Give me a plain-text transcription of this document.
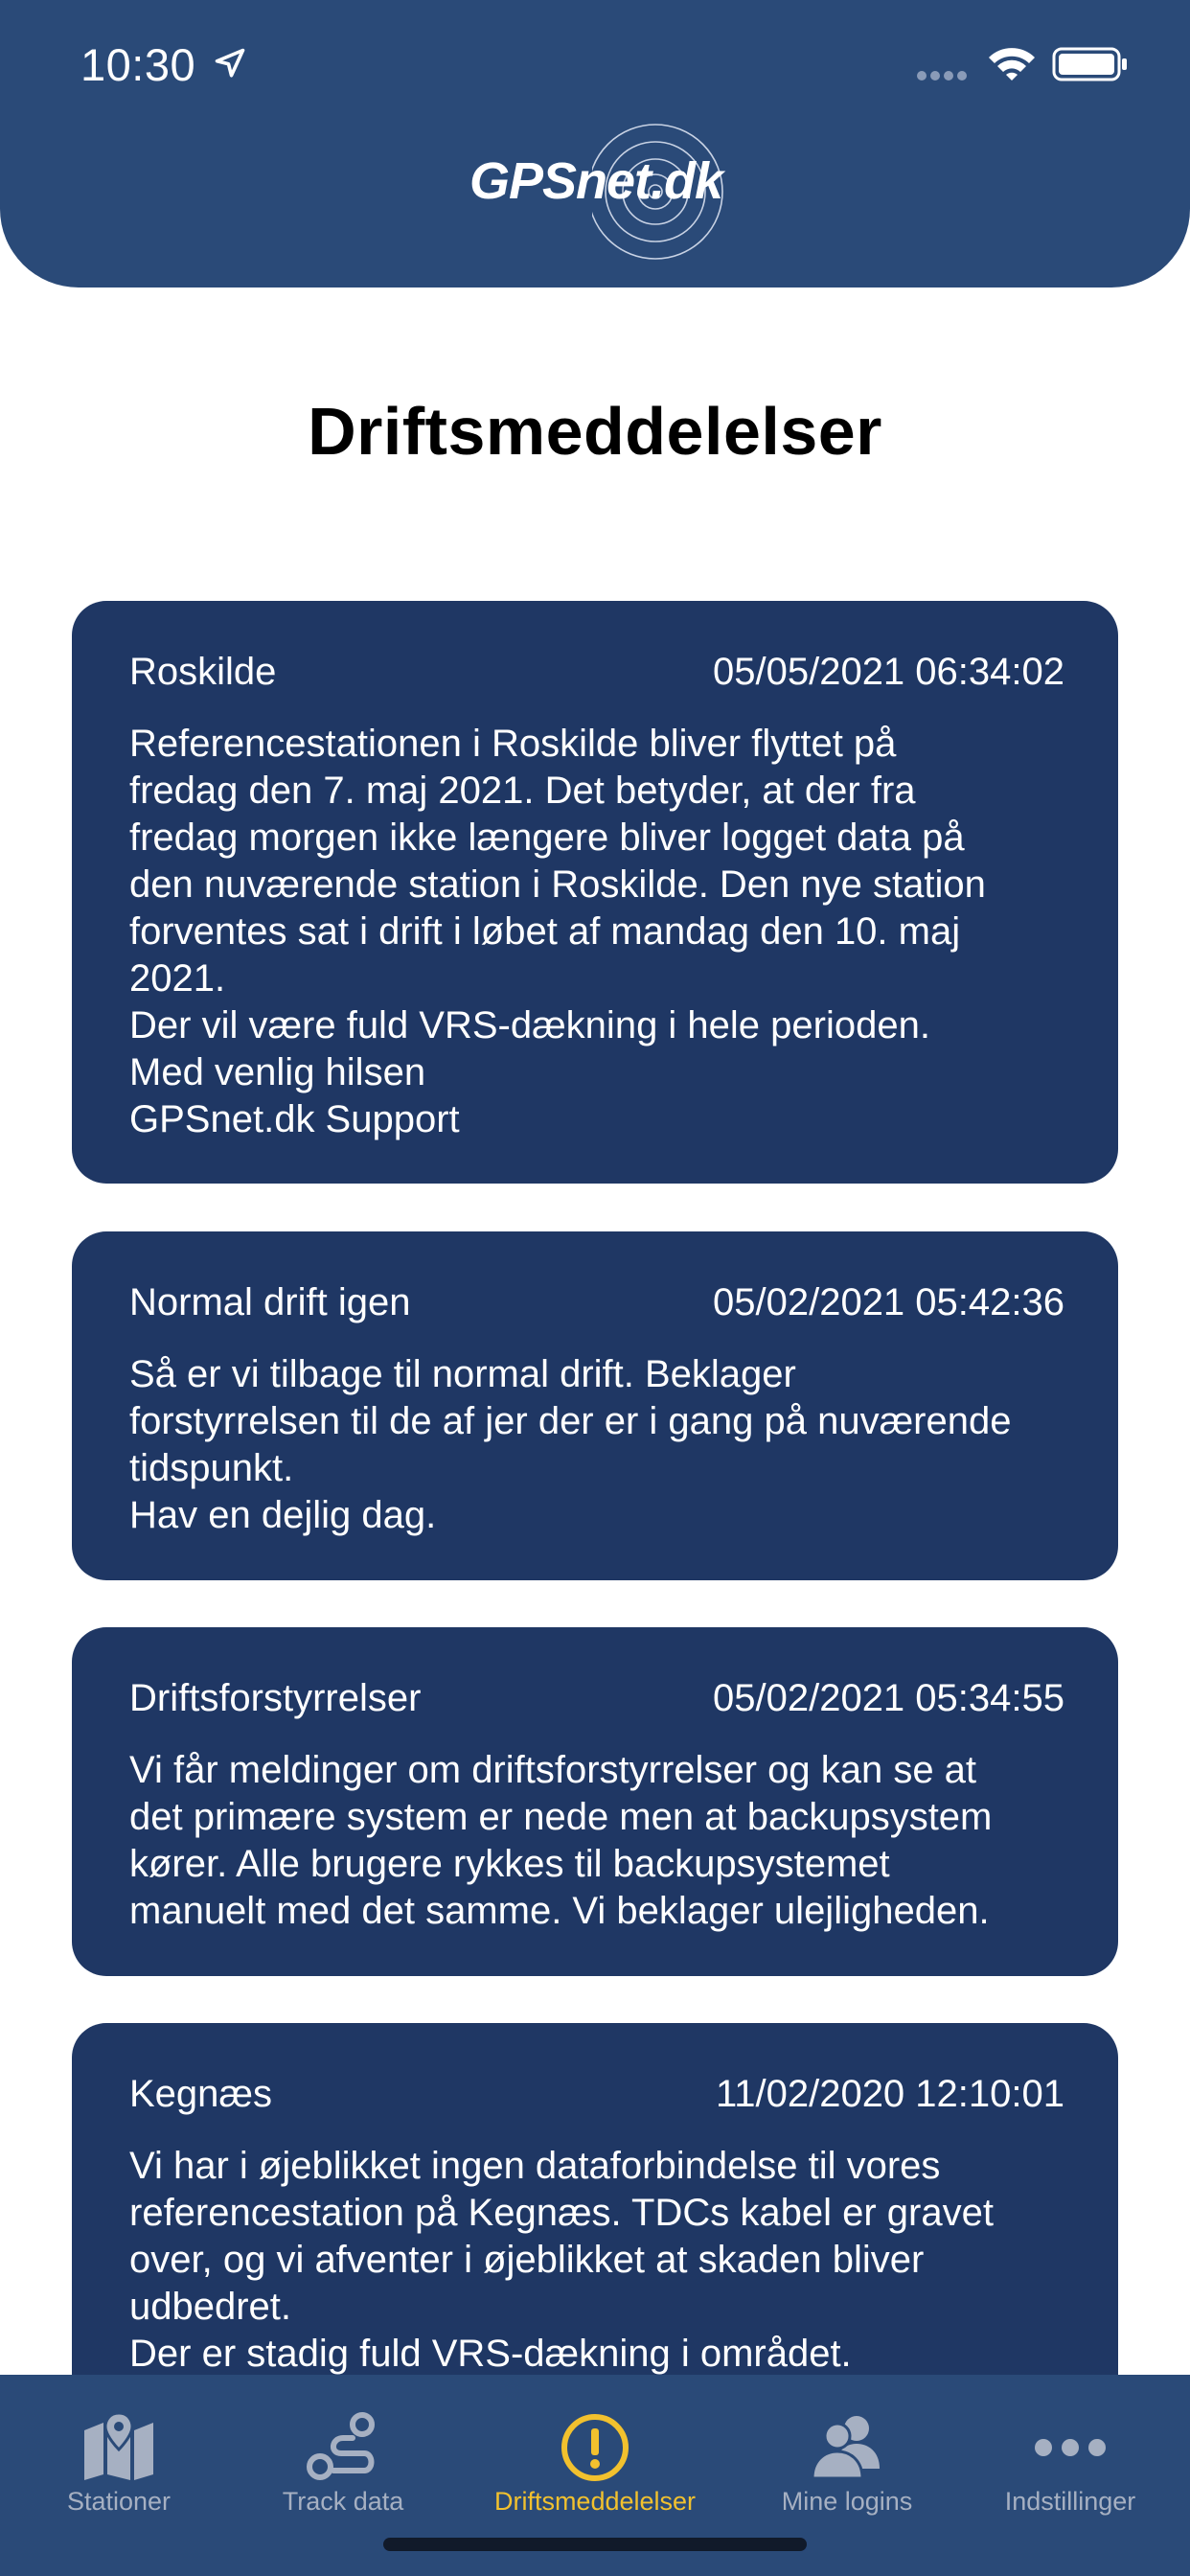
10:30
GPSnet.dk
Driftsmeddelelser
Roskilde	05/05/2021 06:34:02
Referencestationen i Roskilde bliver flyttet på
fredag den 7. maj 2021. Det betyder, at der fra
fredag morgen ikke længere bliver logget data på
den nuværende station i Roskilde. Den nye station
forventes sat i drift i løbet af mandag den 10. maj
2021.
Der vil være fuld VRS-dækning i hele perioden.
Med venlig hilsen
GPSnet.dk Support
Normal drift igen	05/02/2021 05:42:36
Så er vi tilbage til normal drift. Beklager
forstyrrelsen til de af jer der er i gang på nuværende
tidspunkt.
Hav en dejlig dag.
Driftsforstyrrelser	05/02/2021 05:34:55
Vi får meldinger om driftsforstyrrelser og kan se at
det primære system er nede men at backupsystem
kører. Alle brugere rykkes til backupsystemet
manuelt med det samme. Vi beklager ulejligheden.
Kegnæs	11/02/2020 12:10:01
Vi har i øjeblikket ingen dataforbindelse til vores
referencestation på Kegnæs. TDCs kabel er gravet
over, og vi afventer i øjeblikket at skaden bliver
udbedret.
Der er stadig fuld VRS-dækning i området.
Stationer	Track data	Driftsmeddelelser	Mine logins	Indstillinger
